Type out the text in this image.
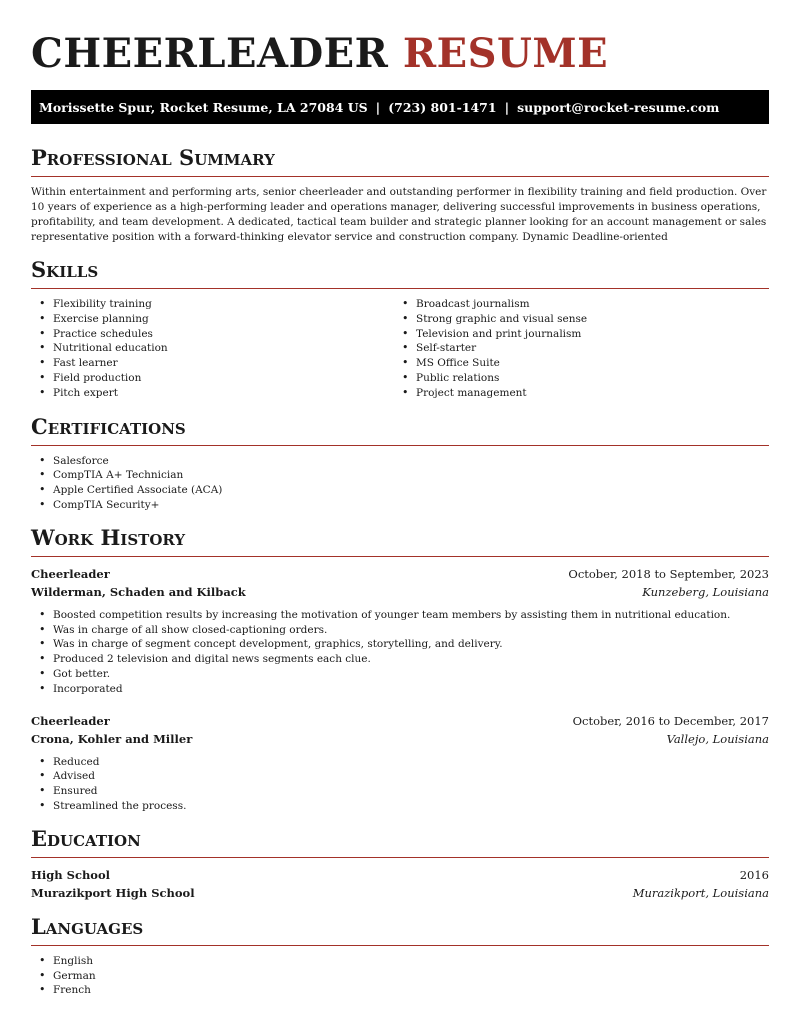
CHEERLEADER RESUME
Morissette Spur, Rocket Resume, LA 27084 US | (723) 801-1471 | support@rocket-resume.com
Professional Summary

Within entertainment and performing arts, senior cheerleader and outstanding performer in flexibility training and field production. Over 10 years of experience as a high-performing leader and operations manager, delivering successful improvements in business operations, profitability, and team development. A dedicated, tactical team builder and strategic planner looking for an account management or sales representative position with a forward-thinking elevator service and construction company. Dynamic Deadline-oriented

Skills
• Flexibility training
• Exercise planning
• Practice schedules
• Nutritional education
• Fast learner
• Field production
• Pitch expert
• Broadcast journalism
• Strong graphic and visual sense
• Television and print journalism
• Self-starter
• MS Office Suite
• Public relations
• Project management
Certifications
• Salesforce
• CompTIA A+ Technician
• Apple Certified Associate (ACA)
• CompTIA Security+
Work History
Cheerleader	October, 2018 to September, 2023
Wilderman, Schaden and Kilback	Kunzeberg, Louisiana
• Boosted competition results by increasing the motivation of younger team members by assisting them in nutritional education.
• Was in charge of all show closed-captioning orders.
• Was in charge of segment concept development, graphics, storytelling, and delivery.
• Produced 2 television and digital news segments each clue.
• Got better.
• Incorporated
Cheerleader	October, 2016 to December, 2017
Crona, Kohler and Miller	Vallejo, Louisiana
• Reduced
• Advised
• Ensured
• Streamlined the process.
Education
High School	2016
Murazikport High School	Murazikport, Louisiana
Languages
• English
• German
• French
